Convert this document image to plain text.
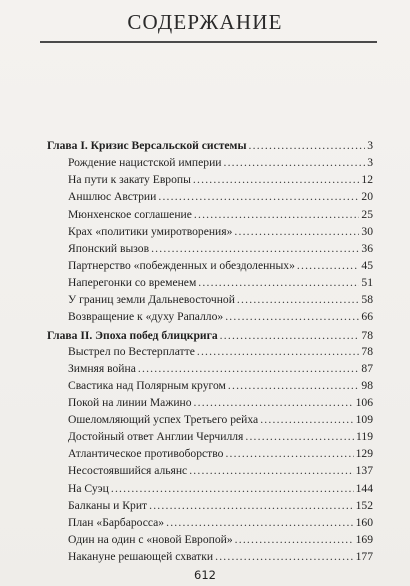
СОДЕРЖАНИЕ
Глава I. Кризис Версальской системы .....	3
Рождение нацистской империи .....	3
На пути к закату Европы .....	12
Аншлюс Австрии .....	20
Мюнхенское соглашение .....	25
Крах «политики умиротворения» .....	30
Японский вызов .....	36
Партнерство «побежденных и обездоленных» .....	45
Наперегонки со временем .....	51
У границ земли Дальневосточной .....	58
Возвращение к «духу Рапалло» .....	66
Глава II. Эпоха побед блицкрига .....	78
Выстрел по Вестерплатте .....	78
Зимняя война .....	87
Свастика над Полярным кругом .....	98
Покой на линии Мажино .....	106
Ошеломляющий успех Третьего рейха .....	109
Достойный ответ Англии Черчилля .....	119
Атлантическое противоборство .....	129
Несостоявшийся альянс .....	137
На Суэц .....	144
Балканы и Крит .....	152
План «Барбаросса» .....	160
Один на один с «новой Европой» .....	169
Накануне решающей схватки .....	177
612
